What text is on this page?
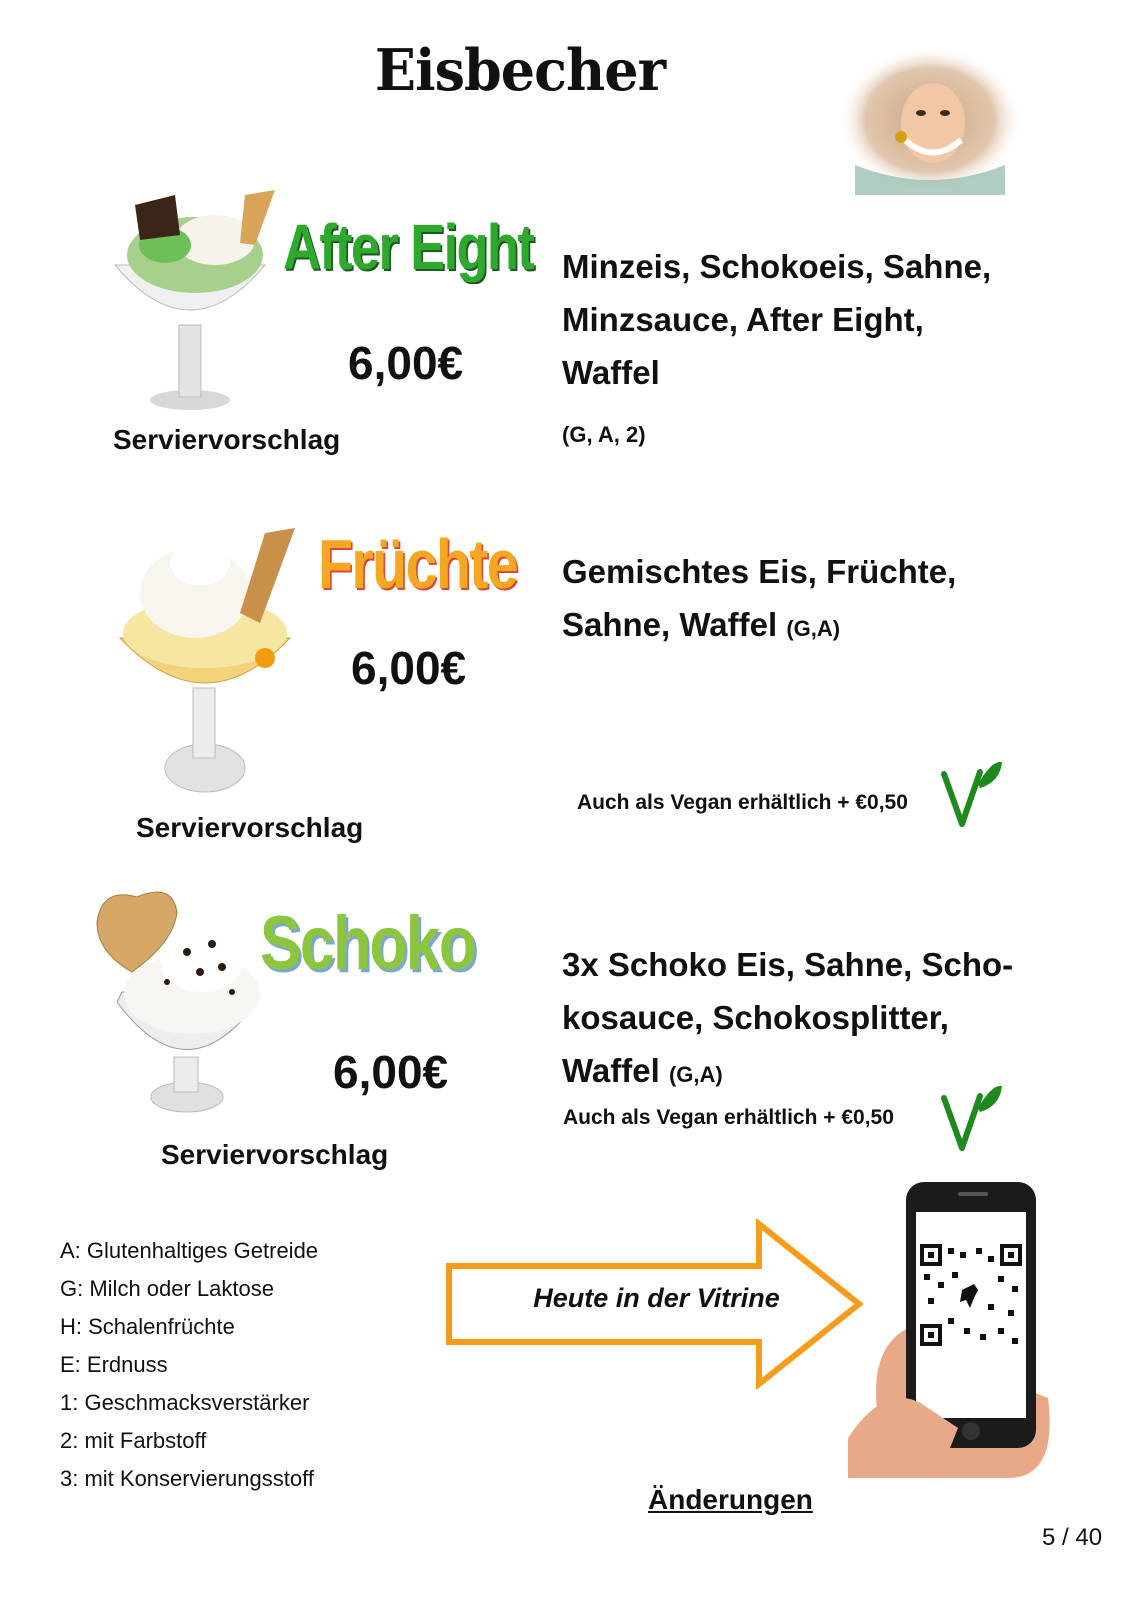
Eisbecher
After Eight
6,00€
Minzeis, Schokoeis, Sahne,
Minzsauce, After Eight,
Waffel
(G, A, 2)
Serviervorschlag
Früchte
6,00€
Gemischtes Eis, Früchte,
Sahne, Waffel (G,A)
Auch als Vegan erhältlich + €0,50
Serviervorschlag
Schoko
6,00€
3x Schoko Eis, Sahne, Scho-
kosauce, Schokosplitter,
Waffel (G,A)
Auch als Vegan erhältlich + €0,50
Serviervorschlag
A: Glutenhaltiges Getreide
G: Milch oder Laktose
H: Schalenfrüchte
E: Erdnuss
1: Geschmacksverstärker
2: mit Farbstoff
3: mit Konservierungsstoff
Heute in der Vitrine
Änderungen
5 / 40
